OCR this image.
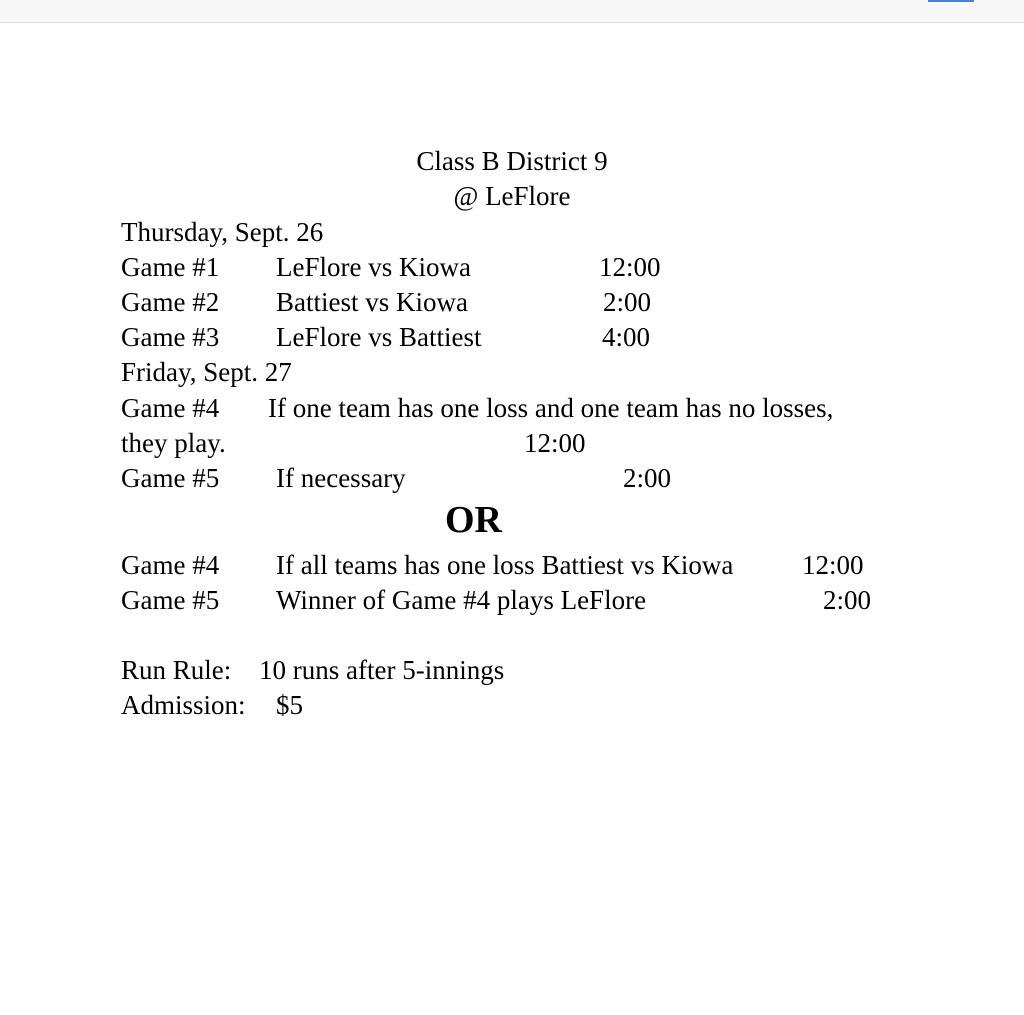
Class B District 9
@ LeFlore
Thursday, Sept. 26
Game #1 LeFlore vs Kiowa	12:00
Game #2 Battiest vs Kiowa	2:00
Game #3 LeFlore vs Battiest	4:00
Friday, Sept. 27
Game #4 If one team has one loss and one team has no losses,
they play.	12:00
Game #5 If necessary	2:00
OR
Game #4 If all teams has one loss Battiest vs Kiowa	12:00
Game #5 Winner of Game #4 plays LeFlore	2:00
Run Rule: 10 runs after 5-innings
Admission: $5
